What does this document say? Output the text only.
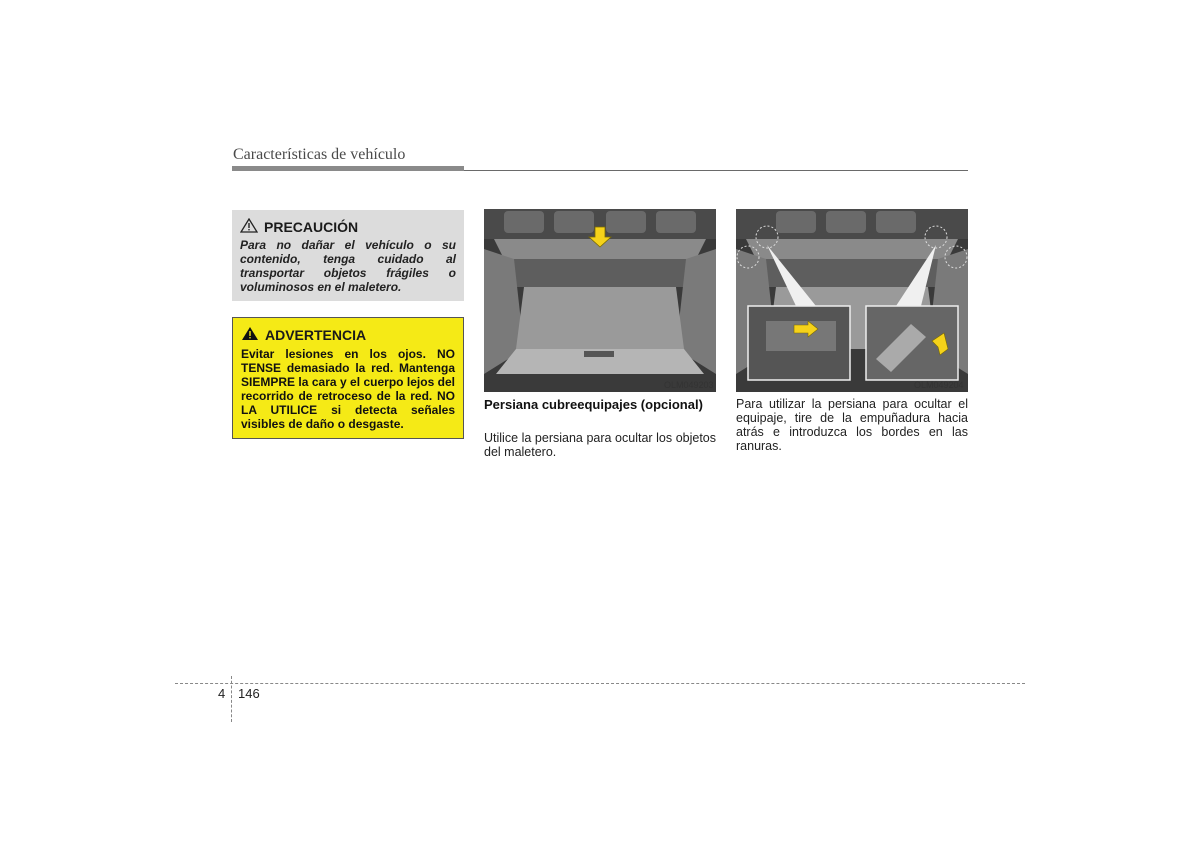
Características de vehículo
PRECAUCIÓN
Para no dañar el vehículo o su contenido, tenga cuidado al transportar objetos frágiles o voluminosos en el maletero.
ADVERTENCIA
Evitar lesiones en los ojos. NO TENSE demasiado la red. Mantenga SIEMPRE la cara y el cuerpo lejos del recorrido de retroceso de la red. NO LA UTILICE si detecta señales visibles de daño o desgaste.
OLM049203	OLM049204
Persiana cubreequipajes (opcional)
Utilice la persiana para ocultar los objetos del maletero.
Para utilizar la persiana para ocultar el equipaje, tire de la empuñadura hacia atrás e introduzca los bordes en las ranuras.
4 146
